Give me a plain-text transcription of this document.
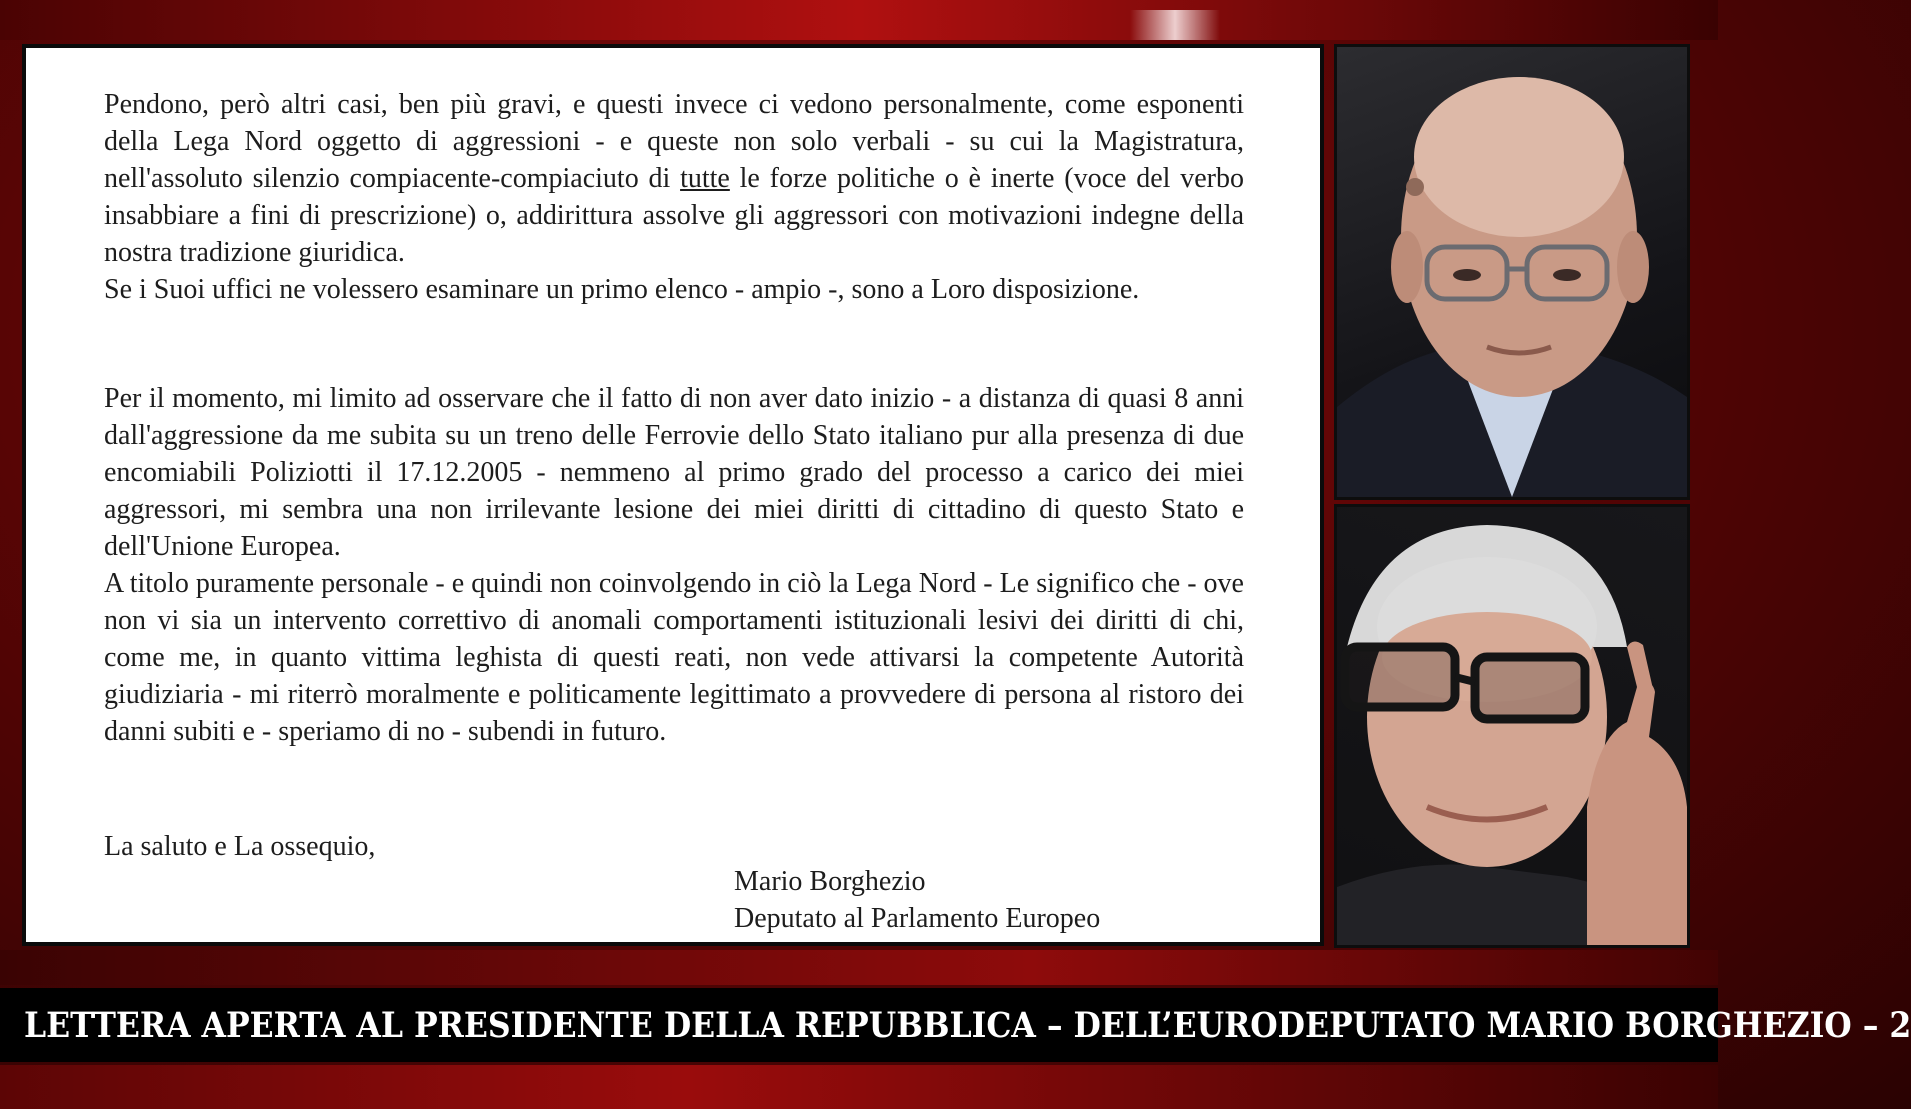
Pendono, però altri casi, ben più gravi, e questi invece ci vedono personalmente, come esponenti della Lega Nord oggetto di aggressioni - e queste non solo verbali - su cui la Magistratura, nell'assoluto silenzio compiacente-compiaciuto di tutte le forze politiche o è inerte (voce del verbo insabbiare a fini di prescrizione) o, addirittura assolve gli aggressori con motivazioni indegne della nostra tradizione giuridica.
Se i Suoi uffici ne volessero esaminare un primo elenco - ampio -, sono a Loro disposizione.

Per il momento, mi limito ad osservare che il fatto di non aver dato inizio - a distanza di quasi 8 anni dall'aggressione da me subita su un treno delle Ferrovie dello Stato italiano pur alla presenza di due encomiabili Poliziotti il 17.12.2005 - nemmeno al primo grado del processo a carico dei miei aggressori, mi sembra una non irrilevante lesione dei miei diritti di cittadino di questo Stato e dell'Unione Europea.
A titolo puramente personale - e quindi non coinvolgendo in ciò la Lega Nord - Le significo che - ove non vi sia un intervento correttivo di anomali comportamenti istituzionali lesivi dei diritti di chi, come me, in quanto vittima leghista di questi reati, non vede attivarsi la competente Autorità giudiziaria - mi riterrò moralmente e politicamente legittimato a provvedere di persona al ristoro dei danni subiti e - speriamo di no - subendi in futuro.

La saluto e La ossequio,

Mario Borghezio
Deputato al Parlamento Europeo
LETTERA APERTA AL PRESIDENTE DELLA REPUBBLICA – DELL’EURODEPUTATO MARIO BORGHEZIO – 2
